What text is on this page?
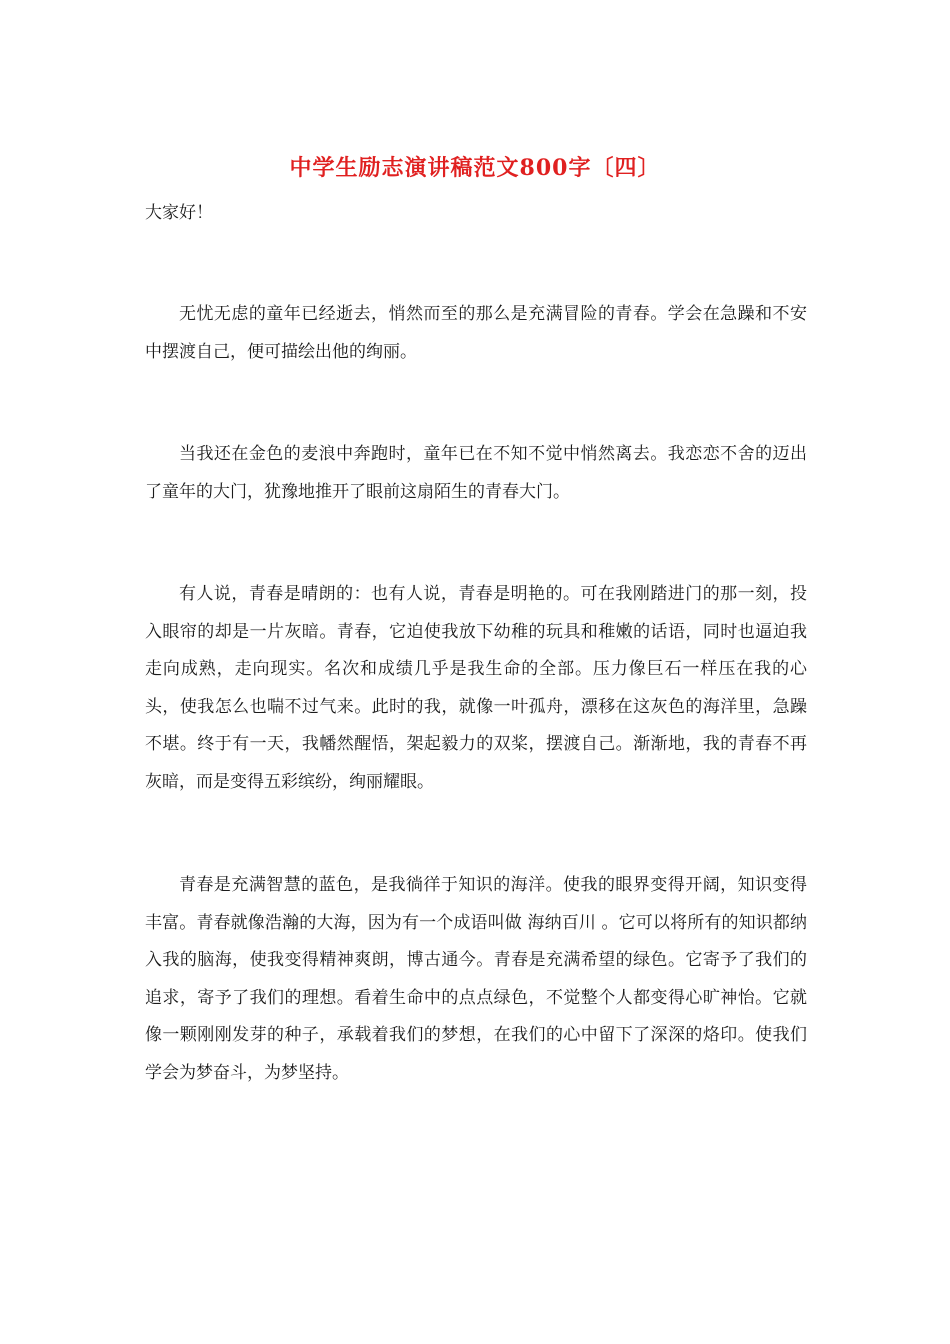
中学生励志演讲稿范文800字〔四〕

大家好！

无忧无虑的童年已经逝去，悄然而至的那么是充满冒险的青春。学会在急躁和不安中摆渡自己，便可描绘出他的绚丽。

当我还在金色的麦浪中奔跑时，童年已在不知不觉中悄然离去。我恋恋不舍的迈出了童年的大门，犹豫地推开了眼前这扇陌生的青春大门。

有人说，青春是晴朗的：也有人说，青春是明艳的。可在我刚踏进门的那一刻，投入眼帘的却是一片灰暗。青春，它迫使我放下幼稚的玩具和稚嫩的话语，同时也逼迫我走向成熟，走向现实。名次和成绩几乎是我生命的全部。压力像巨石一样压在我的心头，使我怎么也喘不过气来。此时的我，就像一叶孤舟，漂移在这灰色的海洋里，急躁不堪。终于有一天，我幡然醒悟，架起毅力的双桨，摆渡自己。渐渐地，我的青春不再灰暗，而是变得五彩缤纷，绚丽耀眼。

青春是充满智慧的蓝色，是我徜徉于知识的海洋。使我的眼界变得开阔，知识变得丰富。青春就像浩瀚的大海，因为有一个成语叫做 海纳百川 。它可以将所有的知识都纳入我的脑海，使我变得精神爽朗，博古通今。青春是充满希望的绿色。它寄予了我们的追求，寄予了我们的理想。看着生命中的点点绿色，不觉整个人都变得心旷神怡。它就像一颗刚刚发芽的种子，承载着我们的梦想，在我们的心中留下了深深的烙印。使我们学会为梦奋斗，为梦坚持。
